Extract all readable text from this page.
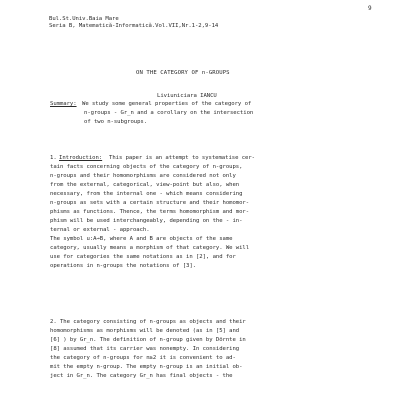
9
Bul.St.Univ.Baia Mare
Seria B, Matematică-Informatică.Vol.VII,Nr.1-2,9-14
ON THE CATEGORY OF n-GROUPS
Liviuniciara IANCU
Summary: We study some general properties of the category of
n-groups - Gr_n and a corollary on the intersection
of two n-subgroups.
1. Introduction: This paper is an attempt to systematise cer-
tain facts concerning objects of the category of n-groups,
n-groups and their homomorphisms are considered not only
from the external, categorical, view-point but also, when
necessary, from the internal one - which means considering
n-groups as sets with a certain structure and their homomor-
phisms as functions. Thence, the terms homomorphism and mor-
phism will be used interchangeably, depending on the - in-
ternal or external - approach.
The symbol u:A→B, where A and B are objects of the same
category, usually means a morphism of that category. We will
use for categories the same notations as in [2], and for
operations in n-groups the notations of [3].
2. The category consisting of n-groups as objects and their
homomorphisms as morphisms will be denoted (as in [5] and
[6] ) by Gr_n. The definition of n-group given by Dörnte in
[8] assumed that its carrier was nonempty. In considering
the category of n-groups for n≥2 it is convenient to ad-
mit the empty n-group. The empty n-group is an initial ob-
ject in Gr_n. The category Gr_n has final objects - the
